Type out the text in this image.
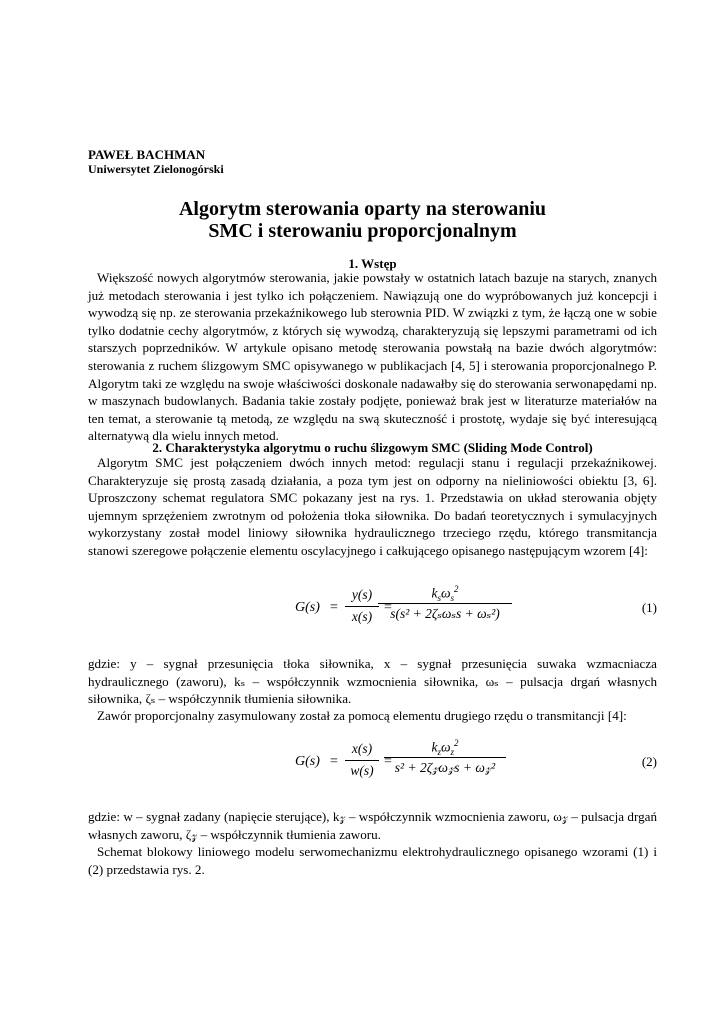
PAWEŁ BACHMAN
Uniwersytet Zielonogórski
Algorytm sterowania oparty na sterowaniu
SMC i sterowaniu proporcjonalnym
1. Wstęp

Większość nowych algorytmów sterowania, jakie powstały w ostatnich latach bazuje na starych, znanych już metodach sterowania i jest tylko ich połączeniem. Nawiązują one do wypróbowanych już koncepcji i wywodzą się np. ze sterowania przekaźnikowego lub sterownia PID. W związki z tym, że łączą one w sobie tylko dodatnie cechy algorytmów, z których się wywodzą, charakteryzują się lepszymi parametrami od ich starszych poprzedników. W artykule opisano metodę sterowania powstałą na bazie dwóch algorytmów: sterowania z ruchem ślizgowym SMC opisywanego w publikacjach [4, 5] i sterowania proporcjonalnego P. Algorytm taki ze względu na swoje właściwości doskonale nadawałby się do sterowania serwonapędami np. w maszynach budowlanych. Badania takie zostały podjęte, ponieważ brak jest w literaturze materiałów na ten temat, a sterowanie tą metodą, ze względu na swą skuteczność i prostotę, wydaje się być interesującą alternatywą dla wielu innych metod.

2. Charakterystyka algorytmu o ruchu ślizgowym SMC (Sliding Mode Control)

Algorytm SMC jest połączeniem dwóch innych metod: regulacji stanu i regulacji przekaźnikowej. Charakteryzuje się prostą zasadą działania, a poza tym jest on odporny na nieliniowości obiektu [3, 6]. Uproszczony schemat regulatora SMC pokazany jest na rys. 1. Przedstawia on układ sterowania objęty ujemnym sprzężeniem zwrotnym od położenia tłoka siłownika. Do badań teoretycznych i symulacyjnych wykorzystany został model liniowy siłownika hydraulicznego trzeciego rzędu, którego transmitancja stanowi szeregowe połączenie elementu oscylacyjnego i całkującego opisanego następującym wzorem [4]:

G(s) =
y(s)
x(s)
=
$k_s\omega_s^2$
s(s² + 2ζₛωₛs + ωₛ²)	(1)

gdzie: y – sygnał przesunięcia tłoka siłownika, x – sygnał przesunięcia suwaka wzmacniacza hydraulicznego (zaworu), kₛ – współczynnik wzmocnienia siłownika, ωₛ – pulsacja drgań własnych siłownika, ζₛ – współczynnik tłumienia siłownika.

Zawór proporcjonalny zasymulowany został za pomocą elementu drugiego rzędu o transmitancji [4]:

G(s) =
x(s)
w(s)
=
$k_z\omega_z^2$
s² + 2ζ𝓏ω𝓏s + ω𝓏²	(2)

gdzie: w – sygnał zadany (napięcie sterujące), k𝓏 – współczynnik wzmocnienia zaworu, ω𝓏 – pulsacja drgań własnych zaworu, ζ𝓏 – współczynnik tłumienia zaworu.

Schemat blokowy liniowego modelu serwomechanizmu elektrohydraulicznego opisanego wzorami (1) i (2) przedstawia rys. 2.
